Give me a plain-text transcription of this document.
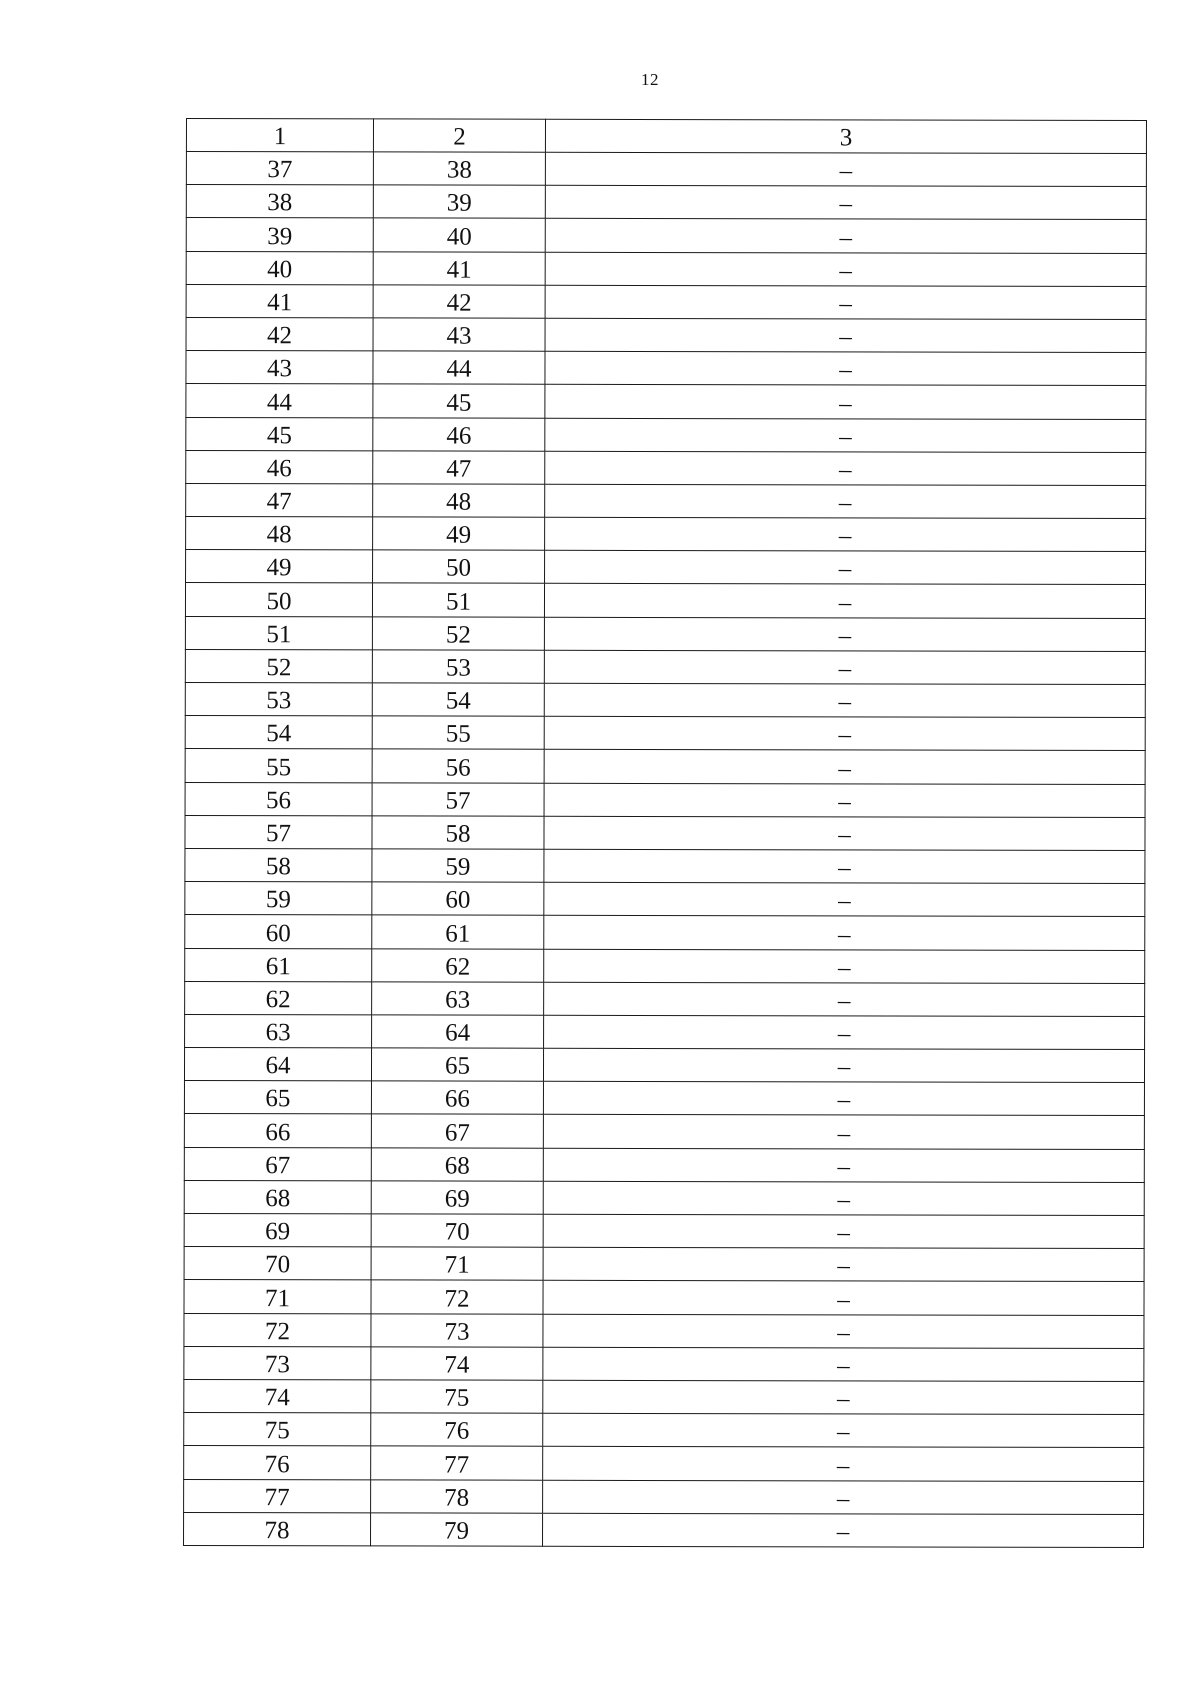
12
1	2	3
37	38	–
38	39	–
39	40	–
40	41	–
41	42	–
42	43	–
43	44	–
44	45	–
45	46	–
46	47	–
47	48	–
48	49	–
49	50	–
50	51	–
51	52	–
52	53	–
53	54	–
54	55	–
55	56	–
56	57	–
57	58	–
58	59	–
59	60	–
60	61	–
61	62	–
62	63	–
63	64	–
64	65	–
65	66	–
66	67	–
67	68	–
68	69	–
69	70	–
70	71	–
71	72	–
72	73	–
73	74	–
74	75	–
75	76	–
76	77	–
77	78	–
78	79	–
